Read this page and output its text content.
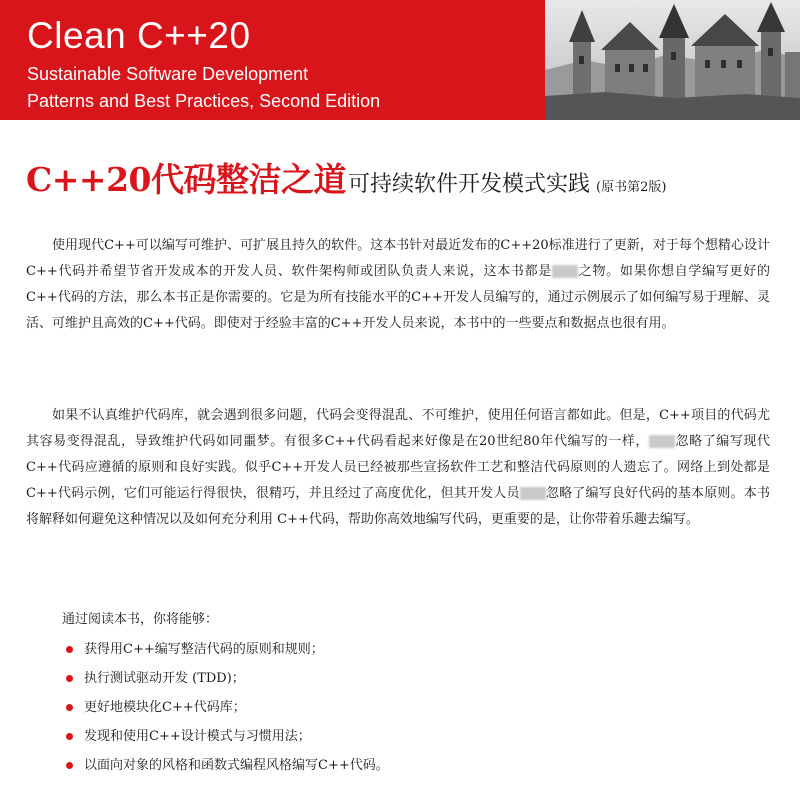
Clean C++20
Sustainable Software Development
Patterns and Best Practices, Second Edition
C++20代码整洁之道可持续软件开发模式实践 (原书第2版)

使用现代C++可以编写可维护、可扩展且持久的软件。这本书针对最近发布的C++20标准进行了更新，对于每个想精心设计C++代码并希望节省开发成本的开发人员、软件架构师或团队负责人来说，这本书都是 之物。如果你想自学编写更好的C++代码的方法，那么本书正是你需要的。它是为所有技能水平的C++开发人员编写的，通过示例展示了如何编写易于理解、灵活、可维护且高效的C++代码。即使对于经验丰富的C++开发人员来说，本书中的一些要点和数据点也很有用。

如果不认真维护代码库，就会遇到很多问题，代码会变得混乱、不可维护，使用任何语言都如此。但是，C++项目的代码尤其容易变得混乱，导致维护代码如同噩梦。有很多C++代码看起来好像是在20世纪80年代编写的一样， 忽略了编写现代C++代码应遵循的原则和良好实践。似乎C++开发人员已经被那些宣扬软件工艺和整洁代码原则的人遗忘了。网络上到处都是C++代码示例，它们可能运行得很快，很精巧，并且经过了高度优化，但其开发人员 忽略了编写良好代码的基本原则。本书将解释如何避免这种情况以及如何充分利用 C++代码，帮助你高效地编写代码，更重要的是，让你带着乐趣去编写。

通过阅读本书，你将能够：
获得用C++编写整洁代码的原则和规则；
执行测试驱动开发 (TDD)；
更好地模块化C++代码库；
发现和使用C++设计模式与习惯用法；
以面向对象的风格和函数式编程风格编写C++代码。
